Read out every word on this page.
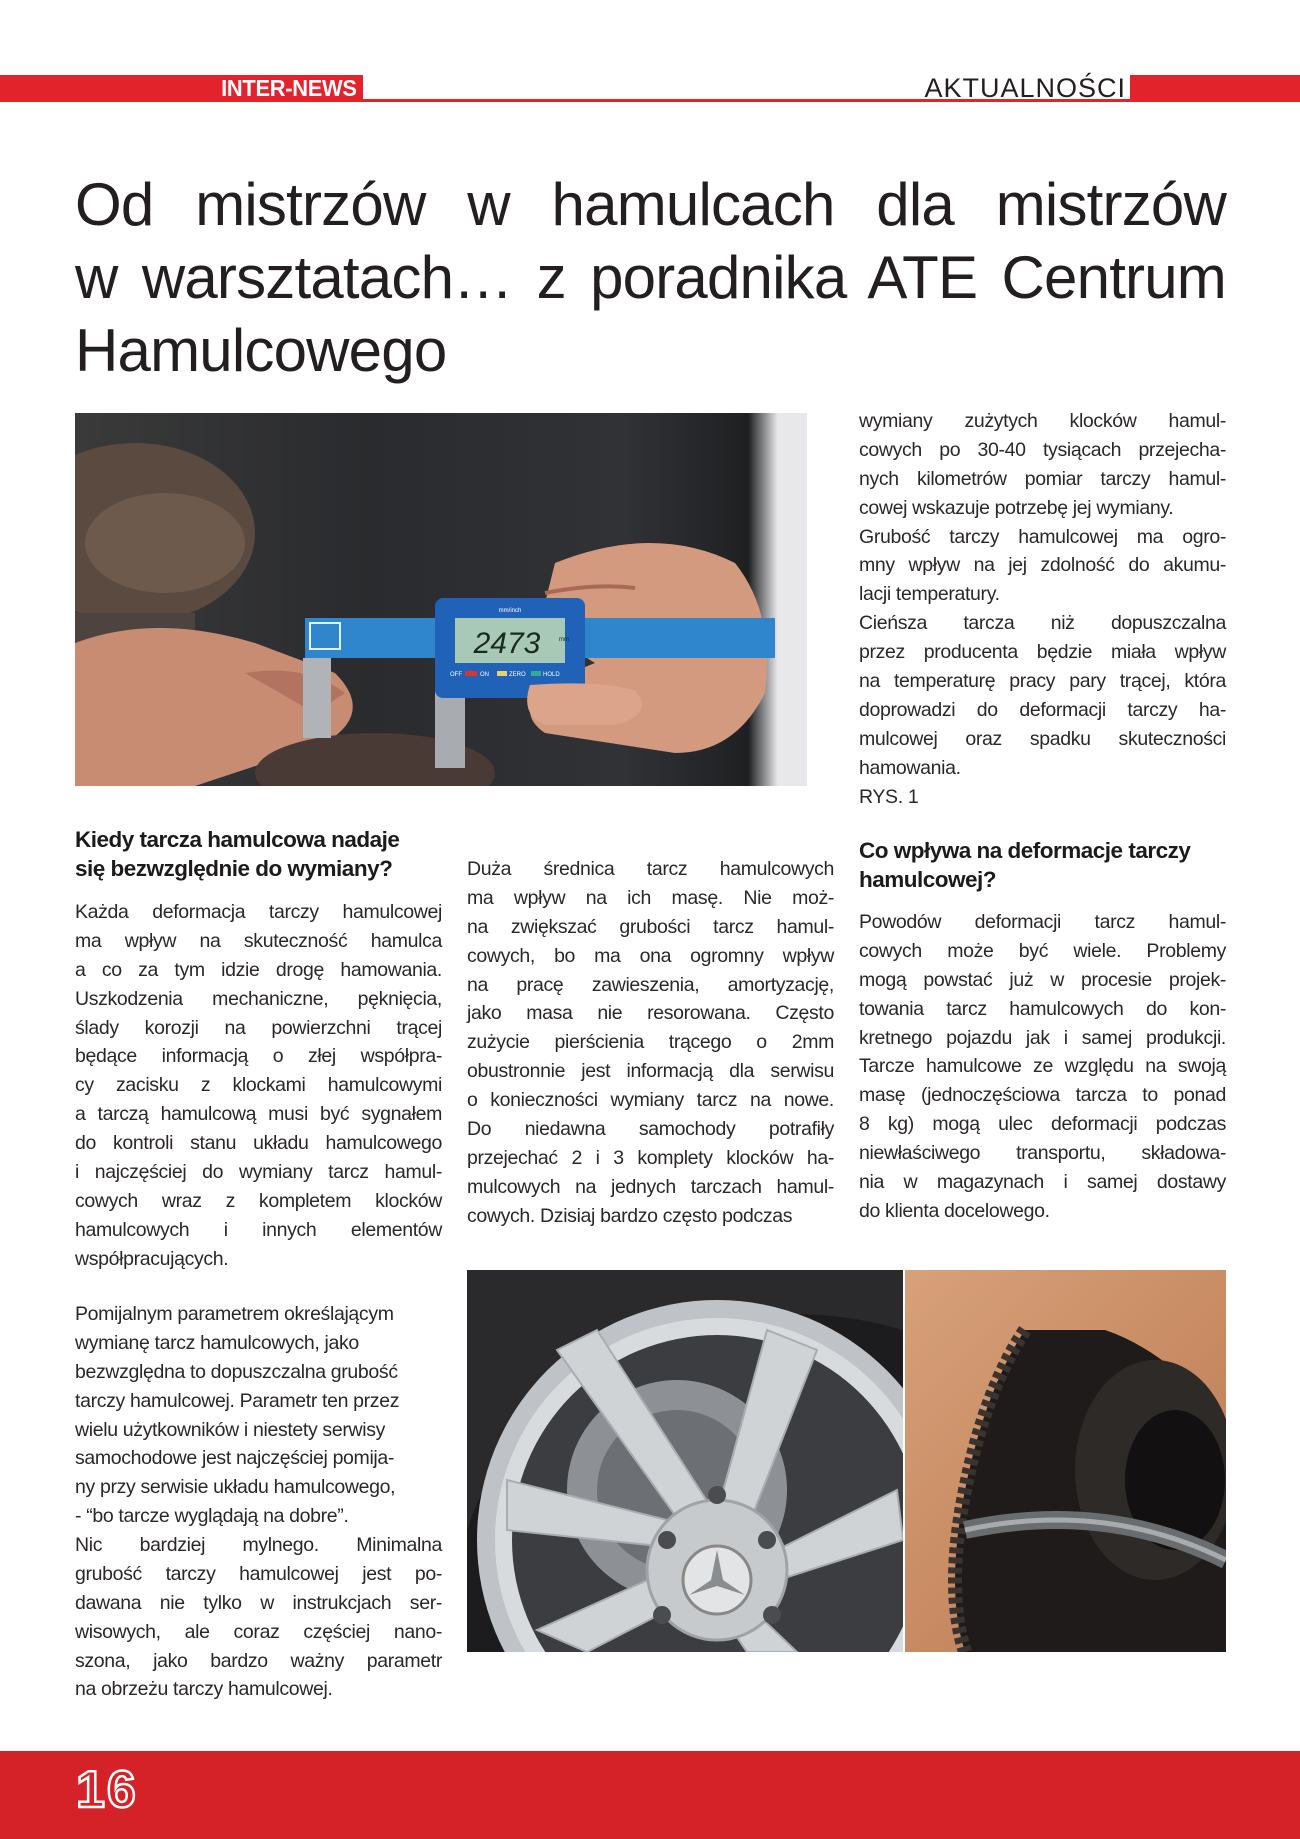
INTER-NEWS	AKTUALNOŚCI
Od mistrzów w hamulcach dla mistrzów
w warsztatach… z poradnika ATE Centrum
Hamulcowego
2473	mm
mm/inch
OFF	ON	ZERO	HOLD
wymiany zużytych klocków hamul-
cowych po 30-40 tysiącach przejecha-
nych kilometrów pomiar tarczy hamul-
cowej wskazuje potrzebę jej wymiany.
Grubość tarczy hamulcowej ma ogro-
mny wpływ na jej zdolność do akumu-
lacji temperatury.
Cieńsza tarcza niż dopuszczalna
przez producenta będzie miała wpływ
na temperaturę pracy pary trącej, która
doprowadzi do deformacji tarczy ha-
mulcowej oraz spadku skuteczności
hamowania.
RYS. 1
Kiedy tarcza hamulcowa nadaje
się bezwzględnie do wymiany?
Każda deformacja tarczy hamulcowej
ma wpływ na skuteczność hamulca
a co za tym idzie drogę hamowania.
Uszkodzenia mechaniczne, pęknięcia,
ślady korozji na powierzchni trącej
będące informacją o złej współpra-
cy zacisku z klockami hamulcowymi
a tarczą hamulcową musi być sygnałem
do kontroli stanu układu hamulcowego
i najczęściej do wymiany tarcz hamul-
cowych wraz z kompletem klocków
hamulcowych i innych elementów
współpracujących.
Pomijalnym parametrem określającym
wymianę tarcz hamulcowych, jako
bezwzględna to dopuszczalna grubość
tarczy hamulcowej. Parametr ten przez
wielu użytkowników i niestety serwisy
samochodowe jest najczęściej pomija-
ny przy serwisie układu hamulcowego,
- “bo tarcze wyglądają na dobre”.
Nic bardziej mylnego. Minimalna
grubość tarczy hamulcowej jest po-
dawana nie tylko w instrukcjach ser-
wisowych, ale coraz częściej nano-
szona, jako bardzo ważny parametr
na obrzeżu tarczy hamulcowej.
Duża średnica tarcz hamulcowych
ma wpływ na ich masę. Nie moż-
na zwiększać grubości tarcz hamul-
cowych, bo ma ona ogromny wpływ
na pracę zawieszenia, amortyzację,
jako masa nie resorowana. Często
zużycie pierścienia trącego o 2mm
obustronnie jest informacją dla serwisu
o konieczności wymiany tarcz na nowe.
Do niedawna samochody potrafiły
przejechać 2 i 3 komplety klocków ha-
mulcowych na jednych tarczach hamul-
cowych. Dzisiaj bardzo często podczas
Co wpływa na deformacje tarczy
hamulcowej?
Powodów deformacji tarcz hamul-
cowych może być wiele. Problemy
mogą powstać już w procesie projek-
towania tarcz hamulcowych do kon-
kretnego pojazdu jak i samej produkcji.
Tarcze hamulcowe ze względu na swoją
masę (jednoczęściowa tarcza to ponad
8 kg) mogą ulec deformacji podczas
niewłaściwego transportu, składowa-
nia w magazynach i samej dostawy
do klienta docelowego.
16
